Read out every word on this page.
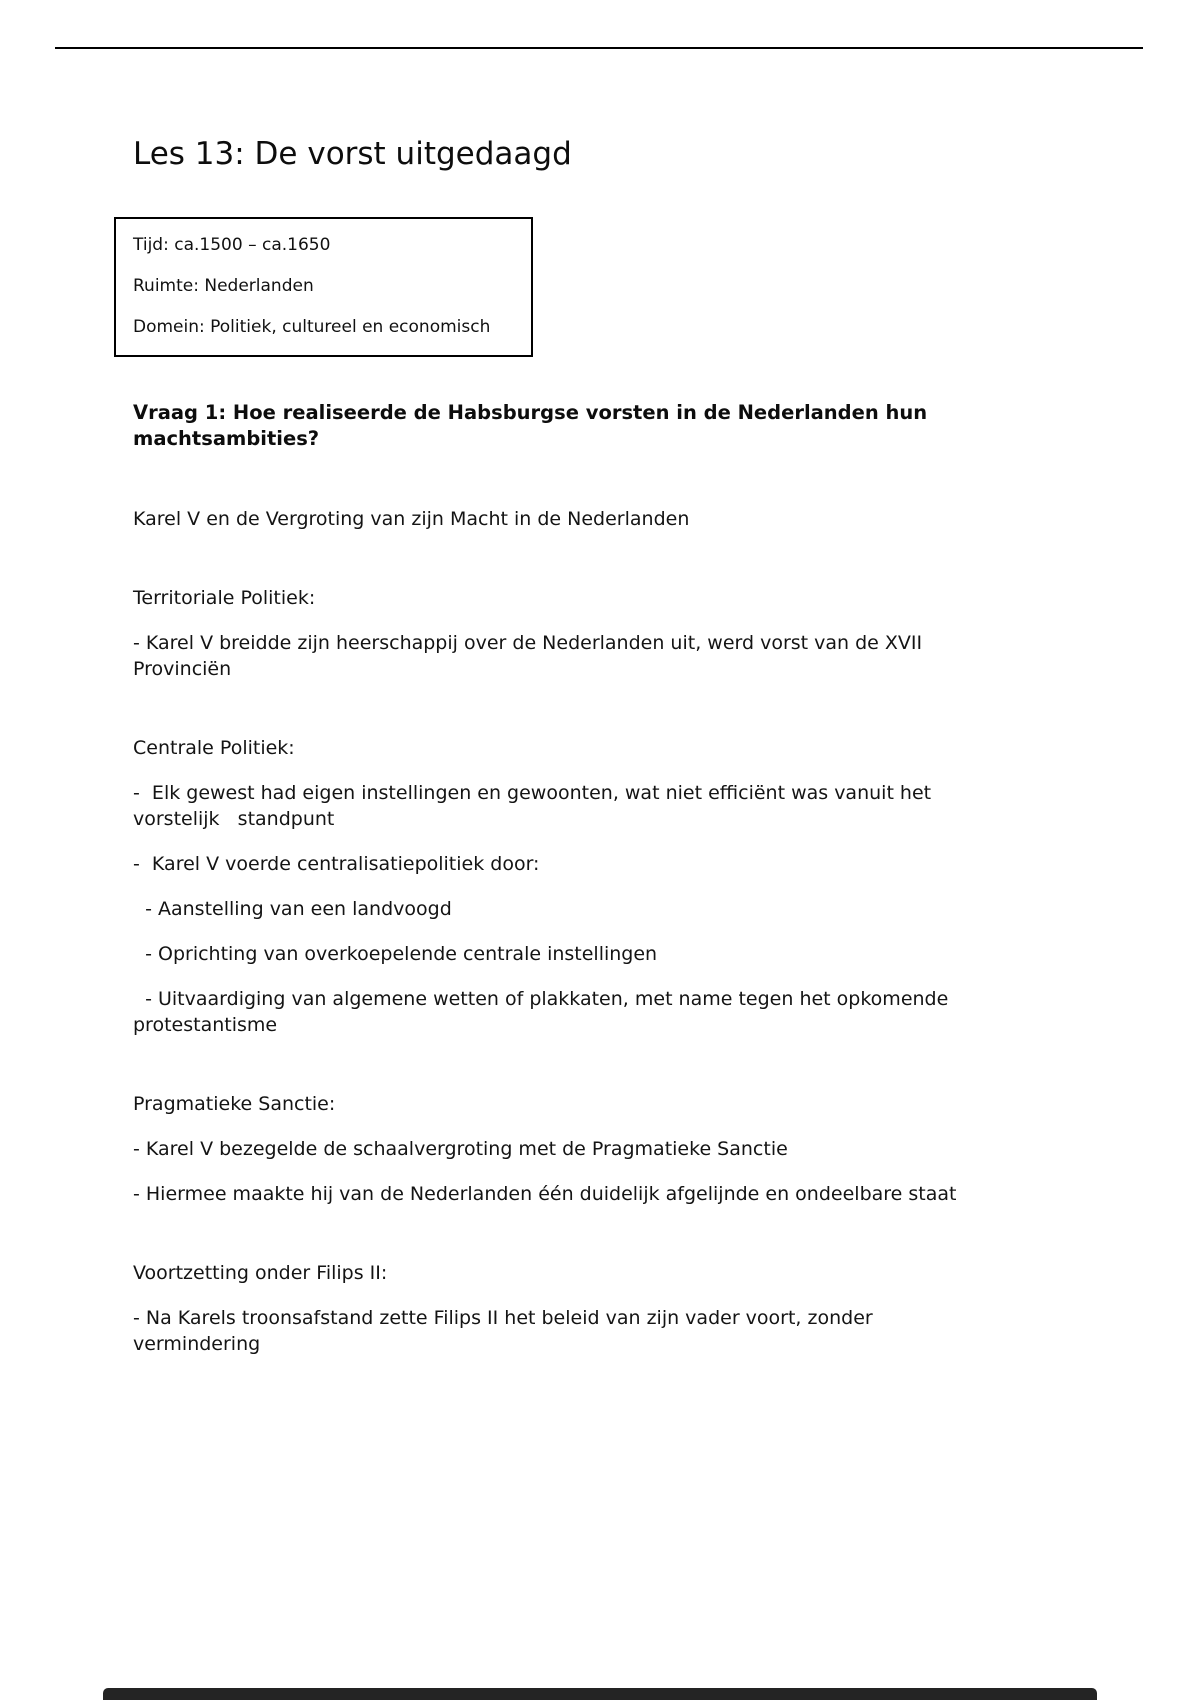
Les 13: De vorst uitgedaagd

Tijd: ca.1500 – ca.1650

Ruimte: Nederlanden

Domein: Politiek, cultureel en economisch

Vraag 1: Hoe realiseerde de Habsburgse vorsten in de Nederlanden hun machtsambities?

Karel V en de Vergroting van zijn Macht in de Nederlanden

Territoriale Politiek:

- Karel V breidde zijn heerschappij over de Nederlanden uit, werd vorst van de XVII Provinciën

Centrale Politiek:

-  Elk gewest had eigen instellingen en gewoonten, wat niet efficiënt was vanuit het vorstelijk   standpunt

-  Karel V voerde centralisatiepolitiek door:

- Aanstelling van een landvoogd

- Oprichting van overkoepelende centrale instellingen

- Uitvaardiging van algemene wetten of plakkaten, met name tegen het opkomende protestantisme

Pragmatieke Sanctie:

- Karel V bezegelde de schaalvergroting met de Pragmatieke Sanctie

- Hiermee maakte hij van de Nederlanden één duidelijk afgelijnde en ondeelbare staat

Voortzetting onder Filips II:

- Na Karels troonsafstand zette Filips II het beleid van zijn vader voort, zonder vermindering
